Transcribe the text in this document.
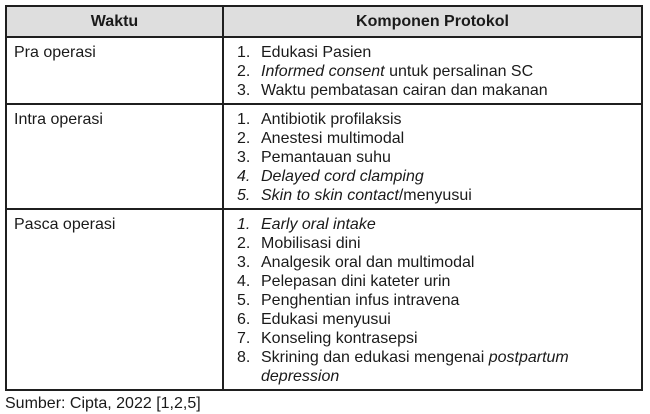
Waktu	Komponen Protokol
Pra operasi	1. Edukasi Pasien
2. Informed consent untuk persalinan SC
3. Waktu pembatasan cairan dan makanan

Intra operasi	1. Antibiotik profilaksis
2. Anestesi multimodal
3. Pemantauan suhu
4. Delayed cord clamping
5. Skin to skin contact/menyusui

Pasca operasi	1. Early oral intake
2. Mobilisasi dini
3. Analgesik oral dan multimodal
4. Pelepasan dini kateter urin
5. Penghentian infus intravena
6. Edukasi menyusui
7. Konseling kontrasepsi
8. Skrining dan edukasi mengenai postpartum depression

Sumber: Cipta, 2022 [1,2,5]
